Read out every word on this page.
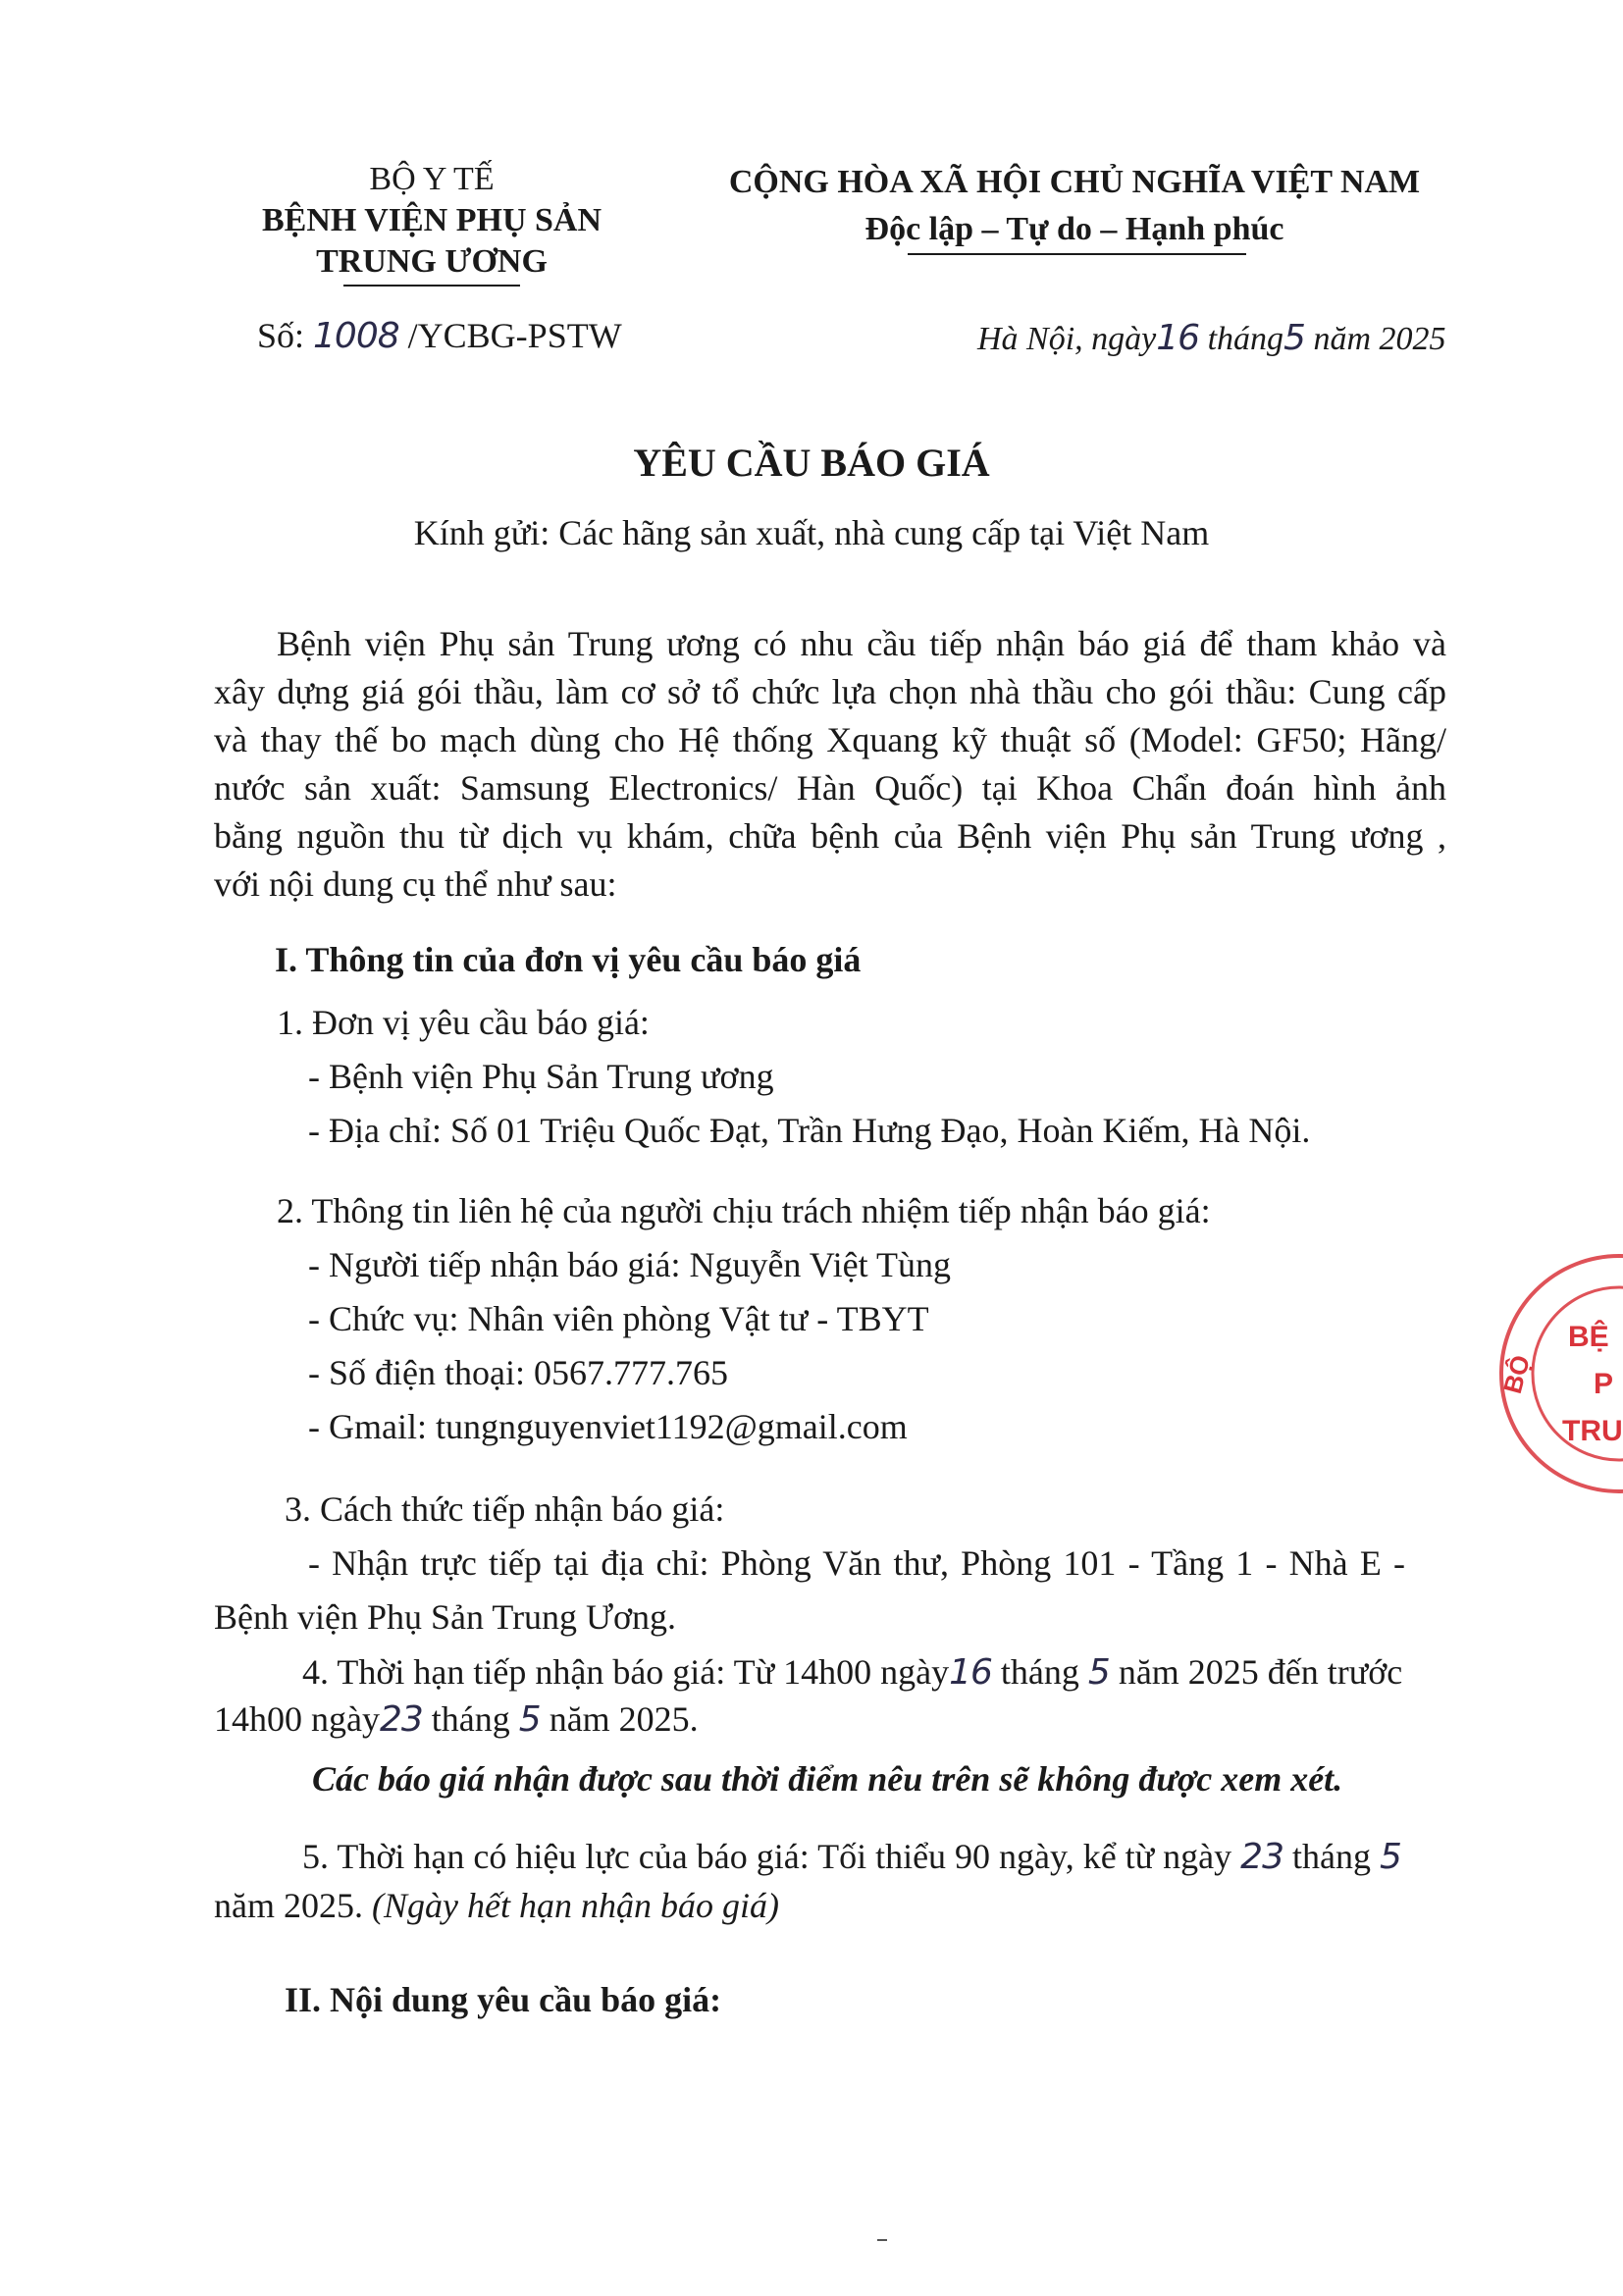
BỘ Y TẾ
BỆNH VIỆN PHỤ SẢN
TRUNG ƯƠNG
CỘNG HÒA XÃ HỘI CHỦ NGHĨA VIỆT NAM
Độc lập – Tự do – Hạnh phúc
Số: 1008 /YCBG-PSTW	Hà Nội, ngày16 tháng5 năm 2025
YÊU CẦU BÁO GIÁ
Kính gửi: Các hãng sản xuất, nhà cung cấp tại Việt Nam
Bệnh viện Phụ sản Trung ương có nhu cầu tiếp nhận báo giá để tham khảo và
xây dựng giá gói thầu, làm cơ sở tổ chức lựa chọn nhà thầu cho gói thầu: Cung cấp
và thay thế bo mạch dùng cho Hệ thống Xquang kỹ thuật số (Model: GF50; Hãng/
nước sản xuất: Samsung Electronics/ Hàn Quốc) tại Khoa Chẩn đoán hình ảnh
bằng nguồn thu từ dịch vụ khám, chữa bệnh của Bệnh viện Phụ sản Trung ương ,
với nội dung cụ thể như sau:
I. Thông tin của đơn vị yêu cầu báo giá
1. Đơn vị yêu cầu báo giá:
- Bệnh viện Phụ Sản Trung ương
- Địa chỉ: Số 01 Triệu Quốc Đạt, Trần Hưng Đạo, Hoàn Kiếm, Hà Nội.
2. Thông tin liên hệ của người chịu trách nhiệm tiếp nhận báo giá:
- Người tiếp nhận báo giá: Nguyễn Việt Tùng
- Chức vụ: Nhân viên phòng Vật tư - TBYT
- Số điện thoại: 0567.777.765
- Gmail: tungnguyenviet1192@gmail.com
3. Cách thức tiếp nhận báo giá:
- Nhận trực tiếp tại địa chỉ: Phòng Văn thư, Phòng 101 - Tầng 1 - Nhà E -
Bệnh viện Phụ Sản Trung Ương.
4. Thời hạn tiếp nhận báo giá: Từ 14h00 ngày16 tháng 5 năm 2025 đến trước
14h00 ngày23 tháng 5 năm 2025.
Các báo giá nhận được sau thời điểm nêu trên sẽ không được xem xét.
5. Thời hạn có hiệu lực của báo giá: Tối thiểu 90 ngày, kể từ ngày 23 tháng 5
năm 2025. (Ngày hết hạn nhận báo giá)
II. Nội dung yêu cầu báo giá:
BỘ
BỆ
P
TRU
